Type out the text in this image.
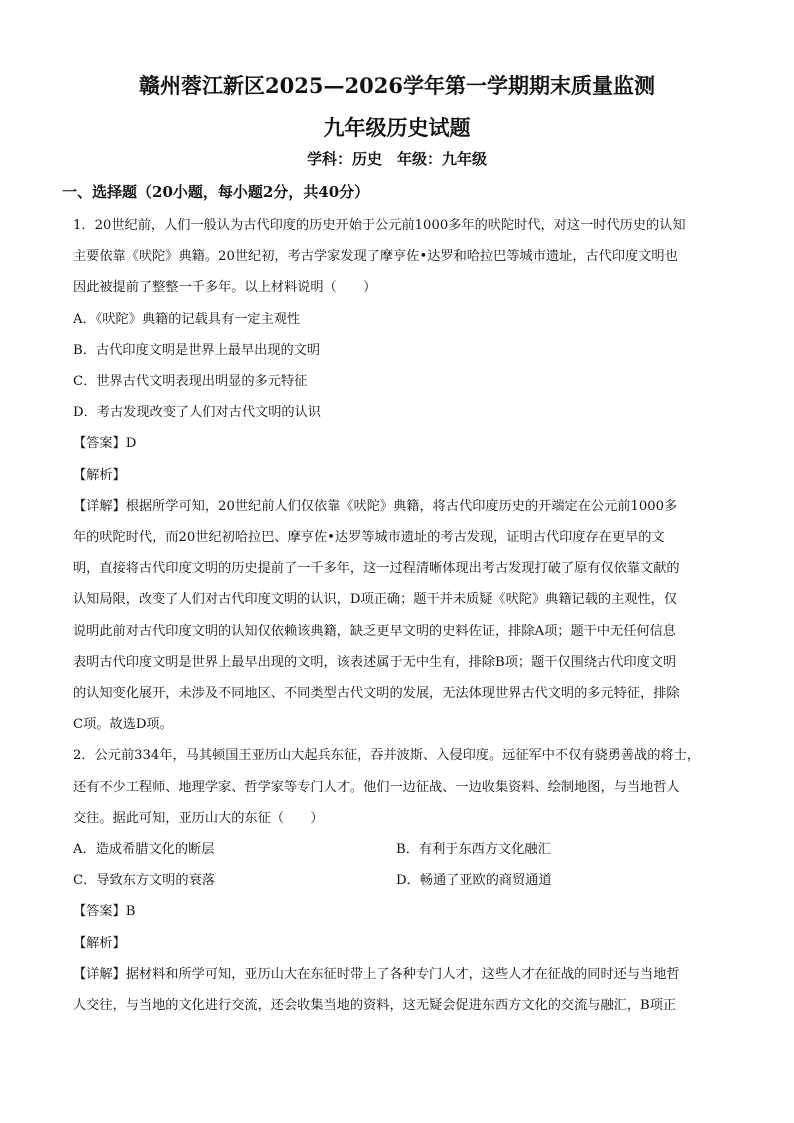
赣州蓉江新区2025—2026学年第一学期期末质量监测
九年级历史试题
学科：历史　年级：九年级
一、选择题（20小题，每小题2分，共40分）

1．20世纪前，人们一般认为古代印度的历史开始于公元前1000多年的吠陀时代，对这一时代历史的认知

主要依靠《吠陀》典籍。20世纪初，考古学家发现了摩亨佐•达罗和哈拉巴等城市遗址，古代印度文明也

因此被提前了整整一千多年。以上材料说明（　　）

A．《吠陀》典籍的记载具有一定主观性

B．古代印度文明是世界上最早出现的文明

C．世界古代文明表现出明显的多元特征

D．考古发现改变了人们对古代文明的认识

【答案】D

【解析】

【详解】根据所学可知，20世纪前人们仅依靠《吠陀》典籍，将古代印度历史的开端定在公元前1000多

年的吠陀时代，而20世纪初哈拉巴、摩亨佐•达罗等城市遗址的考古发现，证明古代印度存在更早的文

明，直接将古代印度文明的历史提前了一千多年，这一过程清晰体现出考古发现打破了原有仅依靠文献的

认知局限，改变了人们对古代印度文明的认识，D项正确；题干并未质疑《吠陀》典籍记载的主观性，仅

说明此前对古代印度文明的认知仅依赖该典籍，缺乏更早文明的史料佐证，排除A项；题干中无任何信息

表明古代印度文明是世界上最早出现的文明，该表述属于无中生有，排除B项；题干仅围绕古代印度文明

的认知变化展开，未涉及不同地区、不同类型古代文明的发展，无法体现世界古代文明的多元特征，排除

C项。故选D项。

2．公元前334年，马其顿国王亚历山大起兵东征，吞并波斯、入侵印度。远征军中不仅有骁勇善战的将士，

还有不少工程师、地理学家、哲学家等专门人才。他们一边征战、一边收集资料、绘制地图，与当地哲人

交往。据此可知，亚历山大的东征（　　）

A．造成希腊文化的断层	B．有利于东西方文化融汇
C．导致东方文明的衰落	D．畅通了亚欧的商贸通道

【答案】B

【解析】

【详解】据材料和所学可知，亚历山大在东征时带上了各种专门人才，这些人才在征战的同时还与当地哲

人交往，与当地的文化进行交流，还会收集当地的资料，这无疑会促进东西方文化的交流与融汇，B项正
